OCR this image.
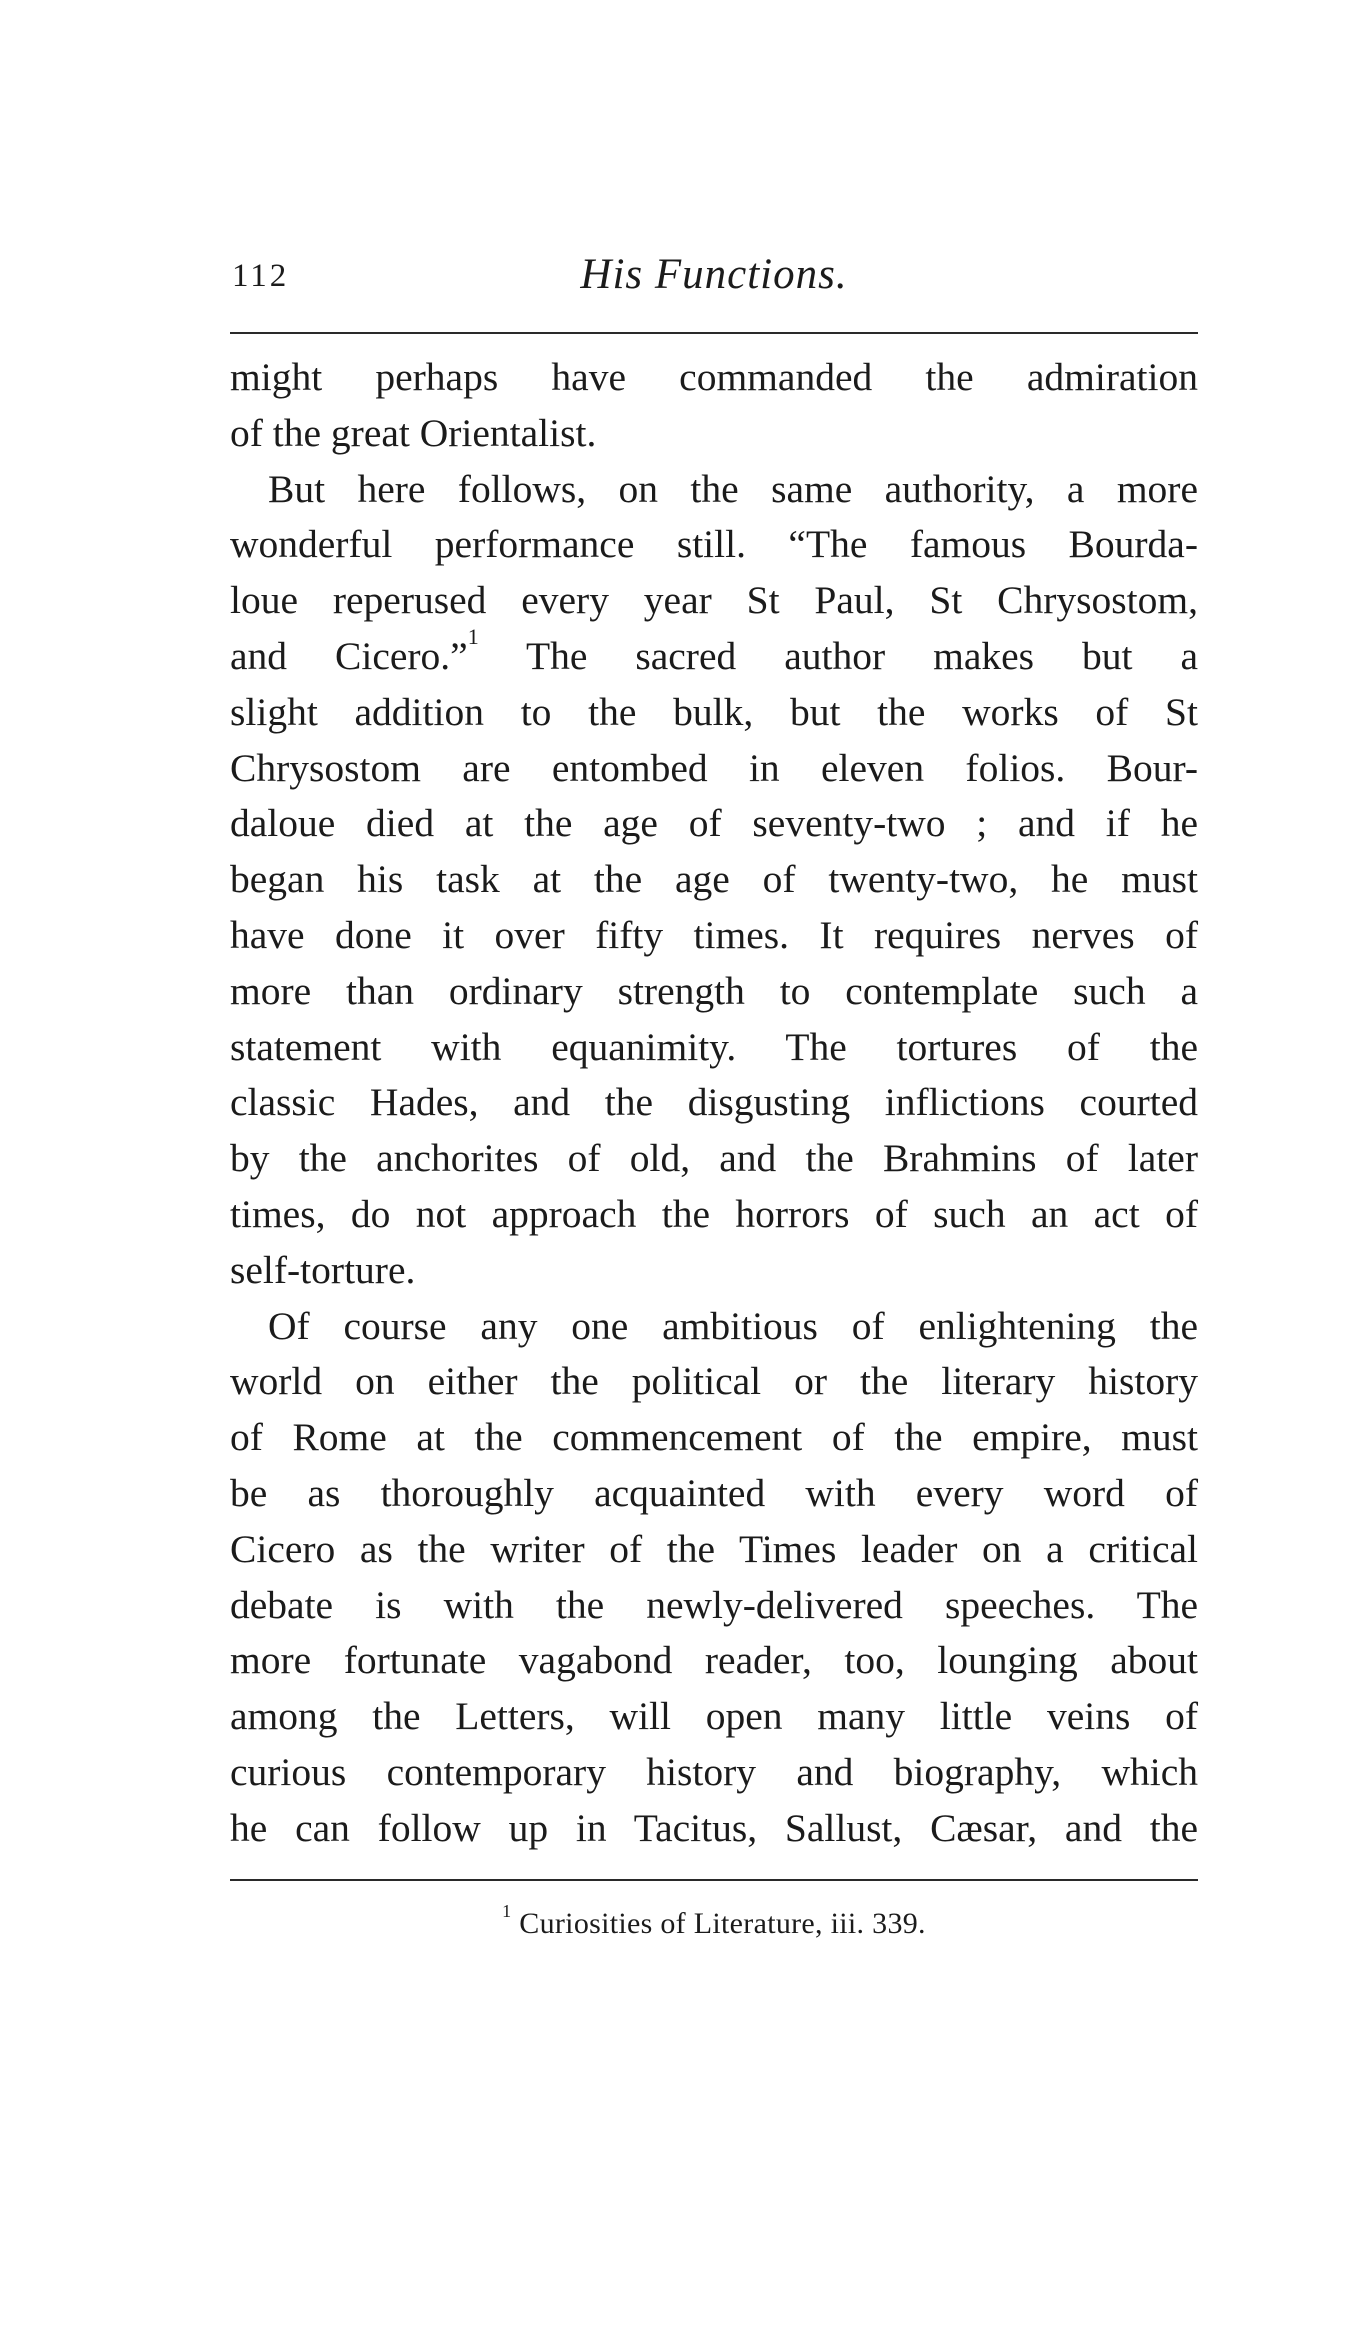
112	His Functions.

might perhaps have commanded the admiration
of the great Orientalist.

But here follows, on the same authority, a more
wonderful performance still. “The famous Bourda-
loue reperused every year St Paul, St Chrysostom,
and Cicero.”$^1$ The sacred author makes but a
slight addition to the bulk, but the works of St
Chrysostom are entombed in eleven folios. Bour-
daloue died at the age of seventy-two ; and if he
began his task at the age of twenty-two, he must
have done it over fifty times. It requires nerves of
more than ordinary strength to contemplate such a
statement with equanimity. The tortures of the
classic Hades, and the disgusting inflictions courted
by the anchorites of old, and the Brahmins of later
times, do not approach the horrors of such an act of
self-torture.

Of course any one ambitious of enlightening the
world on either the political or the literary history
of Rome at the commencement of the empire, must
be as thoroughly acquainted with every word of
Cicero as the writer of the Times leader on a critical
debate is with the newly-delivered speeches. The
more fortunate vagabond reader, too, lounging about
among the Letters, will open many little veins of
curious contemporary history and biography, which
he can follow up in Tacitus, Sallust, Cæsar, and the

$^1$ Curiosities of Literature, iii. 339.
